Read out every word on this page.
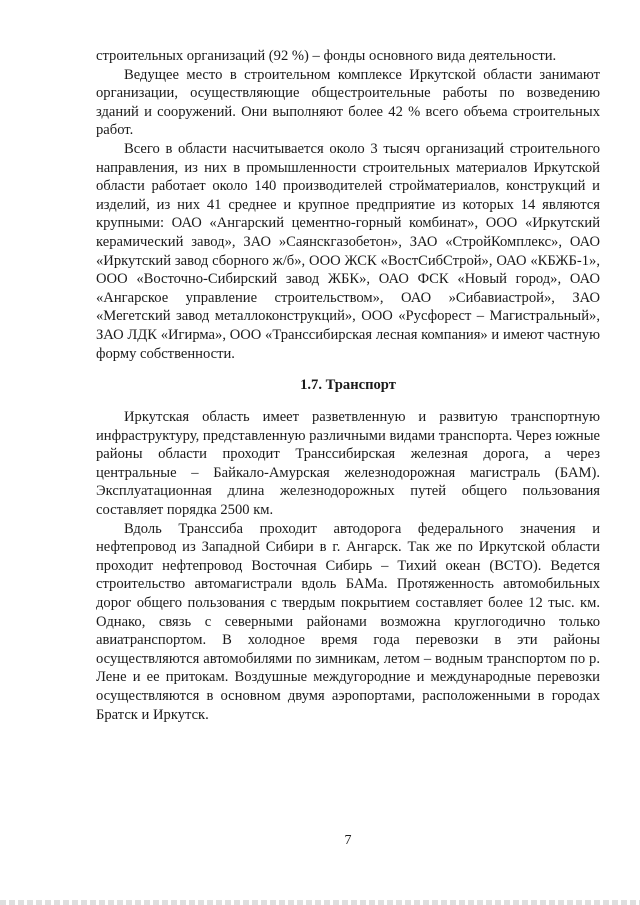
строительных организаций (92 %) – фонды основного вида деятельности.

Ведущее место в строительном комплексе Иркутской области занимают организации, осуществляющие общестроительные работы по возведению зданий и сооружений. Они выполняют более 42 % всего объема строительных работ.

Всего в области насчитывается около 3 тысяч организаций строительного направления, из них в промышленности строительных материалов Иркутской области работает около 140 производителей стройматериалов, конструкций и изделий, из них 41 среднее и крупное предприятие из которых 14 являются крупными: ОАО «Ангарский цементно-горный комбинат», ООО «Иркутский керамический завод», ЗАО »Саянскгазобетон», ЗАО «СтройКомплекс», ОАО «Иркутский завод сборного ж/б», ООО ЖСК «ВостСибСтрой», ОАО «КБЖБ-1», ООО «Восточно-Сибирский завод ЖБК», ОАО ФСК «Новый город», ОАО «Ангарское управление строительством», ОАО »Сибавиастрой», ЗАО «Мегетский завод металлоконструкций», ООО «Русфорест – Магистральный», ЗАО ЛДК «Игирма», ООО «Транссибирская лесная компания» и имеют частную форму собственности.

1.7. Транспорт

Иркутская область имеет разветвленную и развитую транспортную инфраструктуру, представленную различными видами транспорта. Через южные районы области проходит Транссибирская железная дорога, а через центральные – Байкало-Амурская железнодорожная магистраль (БАМ). Эксплуатационная длина железнодорожных путей общего пользования составляет порядка 2500 км.

Вдоль Транссиба проходит автодорога федерального значения и нефтепровод из Западной Сибири в г. Ангарск. Так же по Иркутской области проходит нефтепровод Восточная Сибирь – Тихий океан (ВСТО). Ведется строительство автомагистрали вдоль БАМа. Протяженность автомобильных дорог общего пользования с твердым покрытием составляет более 12 тыс. км. Однако, связь с северными районами возможна круглогодично только авиатранспортом. В холодное время года перевозки в эти районы осуществляются автомобилями по зимникам, летом – водным транспортом по р. Лене и ее притокам. Воздушные междугородние и международные перевозки осуществляются в основном двумя аэропортами, расположенными в городах Братск и Иркутск.

7
